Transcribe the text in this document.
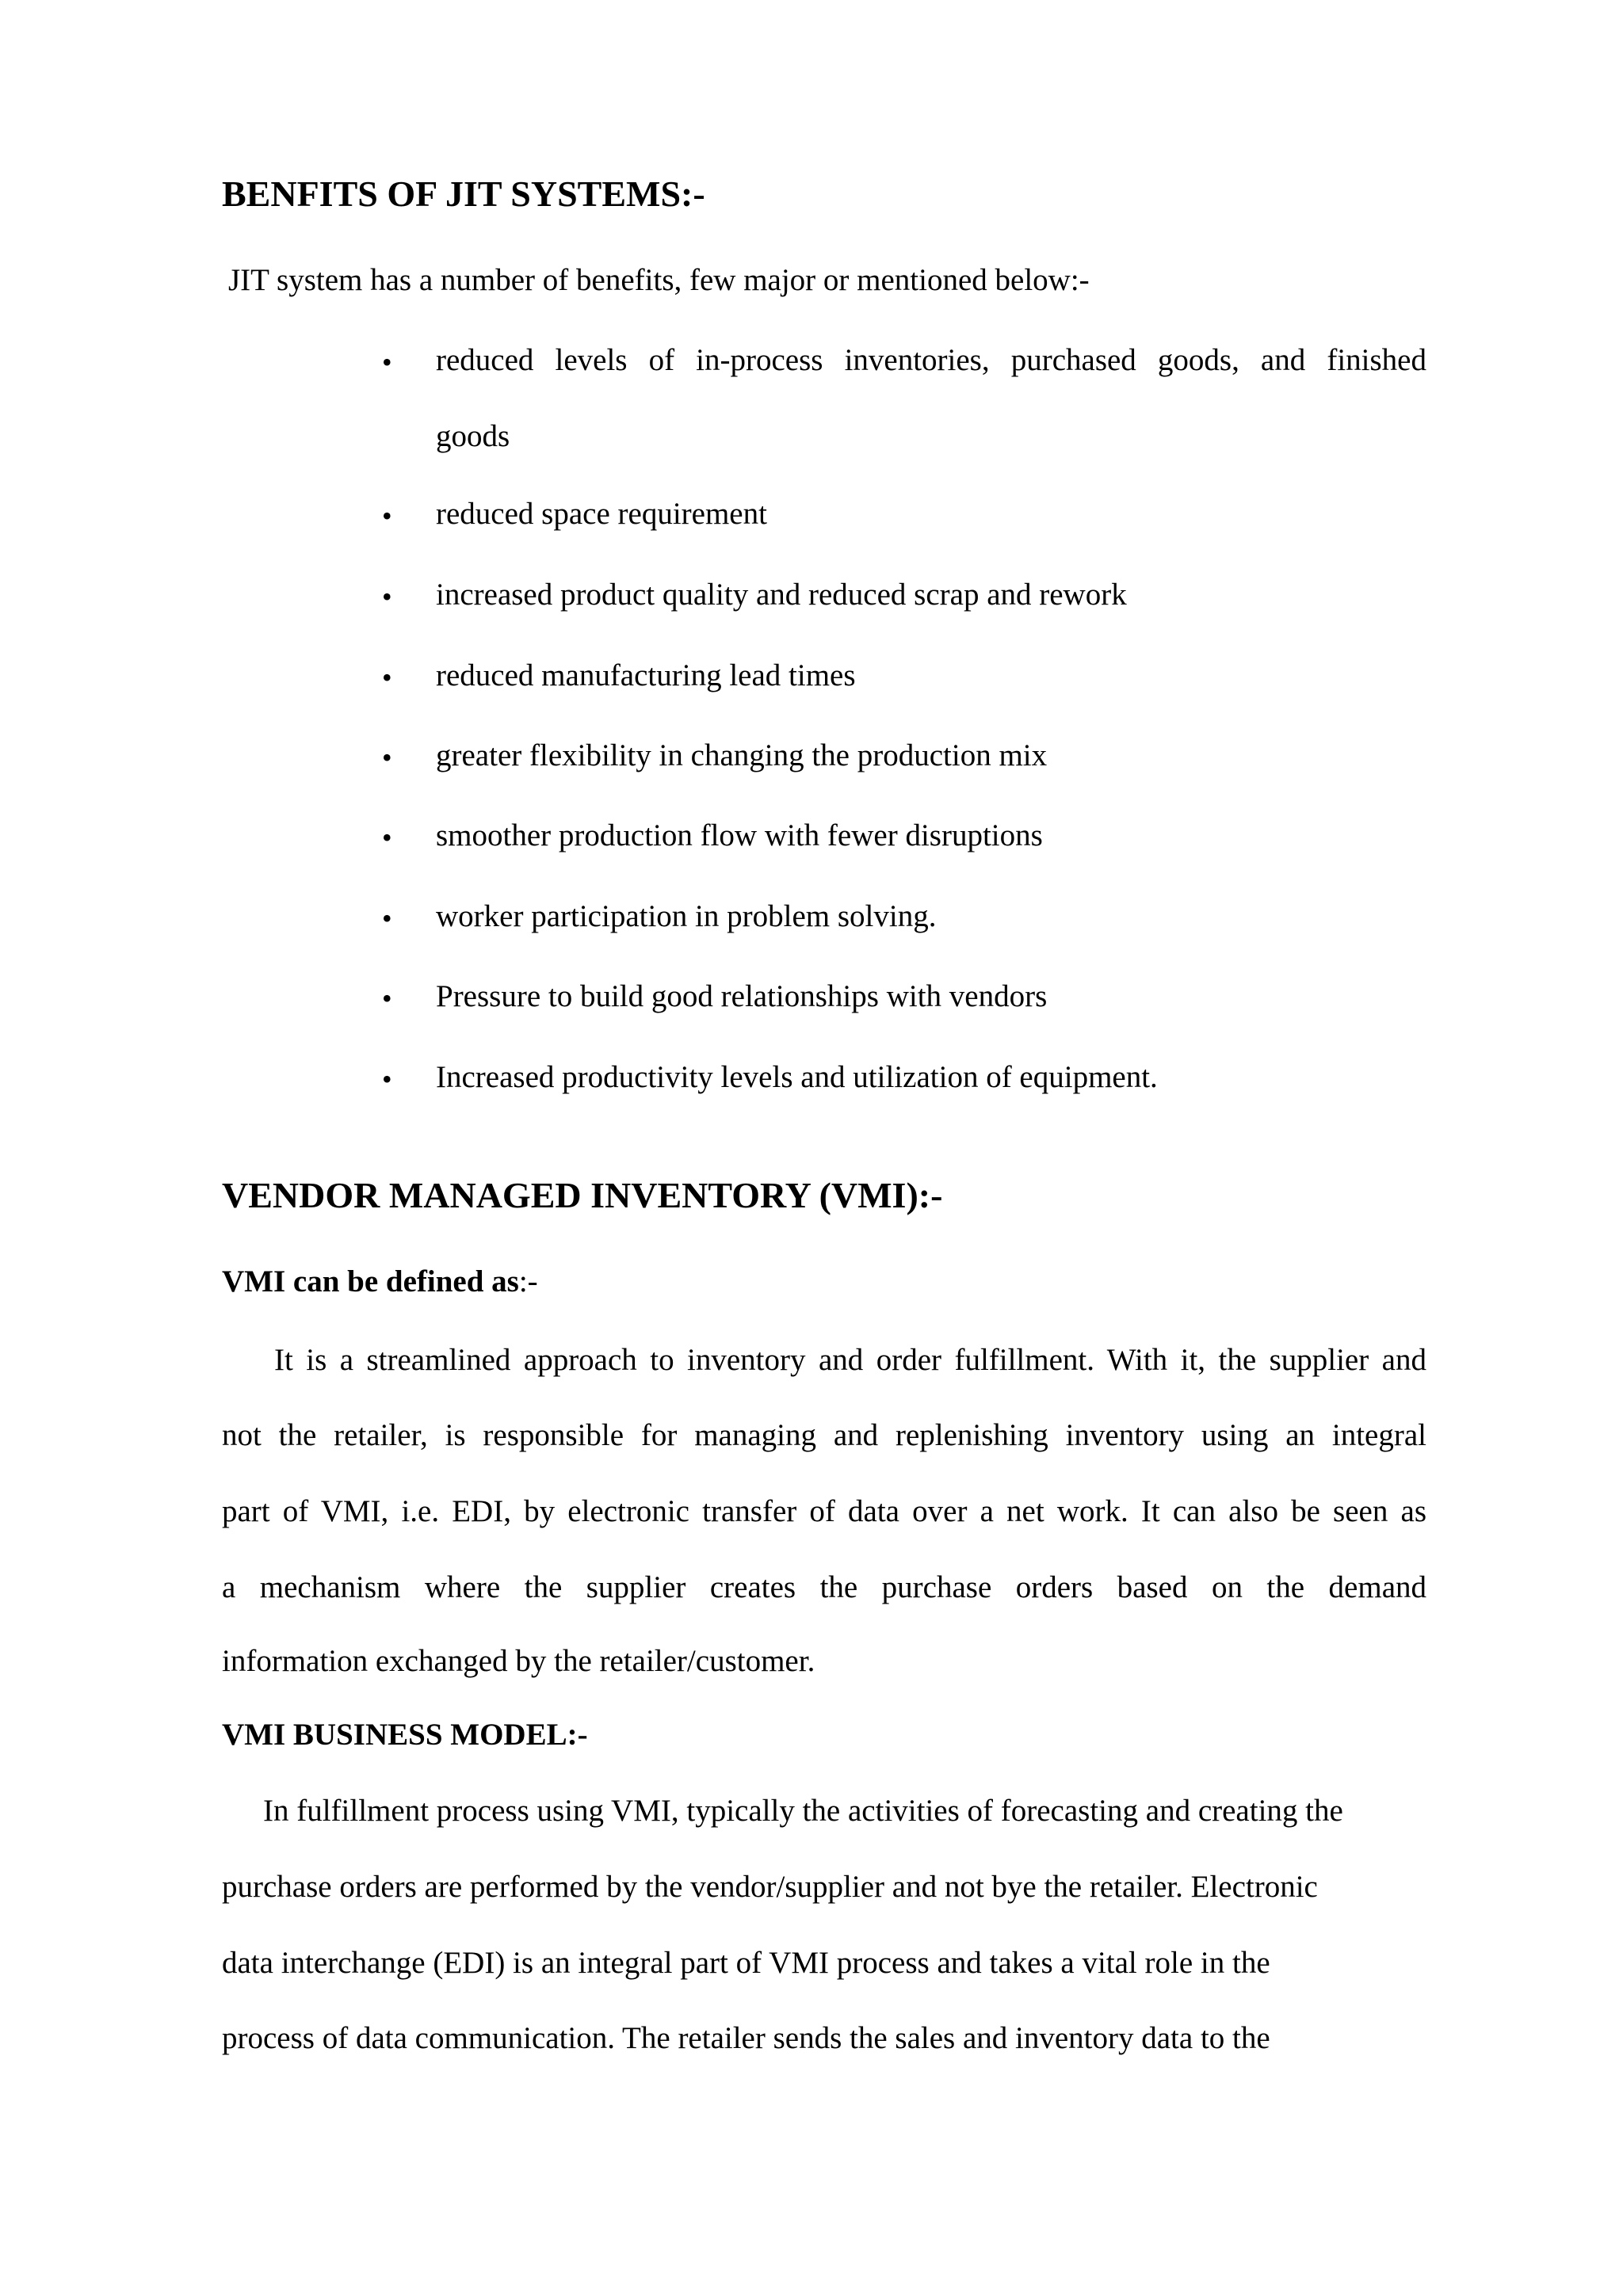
BENFITS OF JIT SYSTEMS:-
JIT system has a number of benefits, few major or mentioned below:-
• reduced levels of in-process inventories, purchased goods, and finished
goods
• reduced space requirement
• increased product quality and reduced scrap and rework
• reduced manufacturing lead times
• greater flexibility in changing the production mix
• smoother production flow with fewer disruptions
• worker participation in problem solving.
• Pressure to build good relationships with vendors
• Increased productivity levels and utilization of equipment.
VENDOR MANAGED INVENTORY (VMI):-
VMI can be defined as:-
It is a streamlined approach to inventory and order fulfillment. With it, the supplier and
not the retailer, is responsible for managing and replenishing inventory using an integral
part of VMI, i.e. EDI, by electronic transfer of data over a net work. It can also be seen as
a mechanism where the supplier creates the purchase orders based on the demand
information exchanged by the retailer/customer.
VMI BUSINESS MODEL:-
In fulfillment process using VMI, typically the activities of forecasting and creating the
purchase orders are performed by the vendor/supplier and not bye the retailer. Electronic
data interchange (EDI) is an integral part of VMI process and takes a vital role in the
process of data communication. The retailer sends the sales and inventory data to the
